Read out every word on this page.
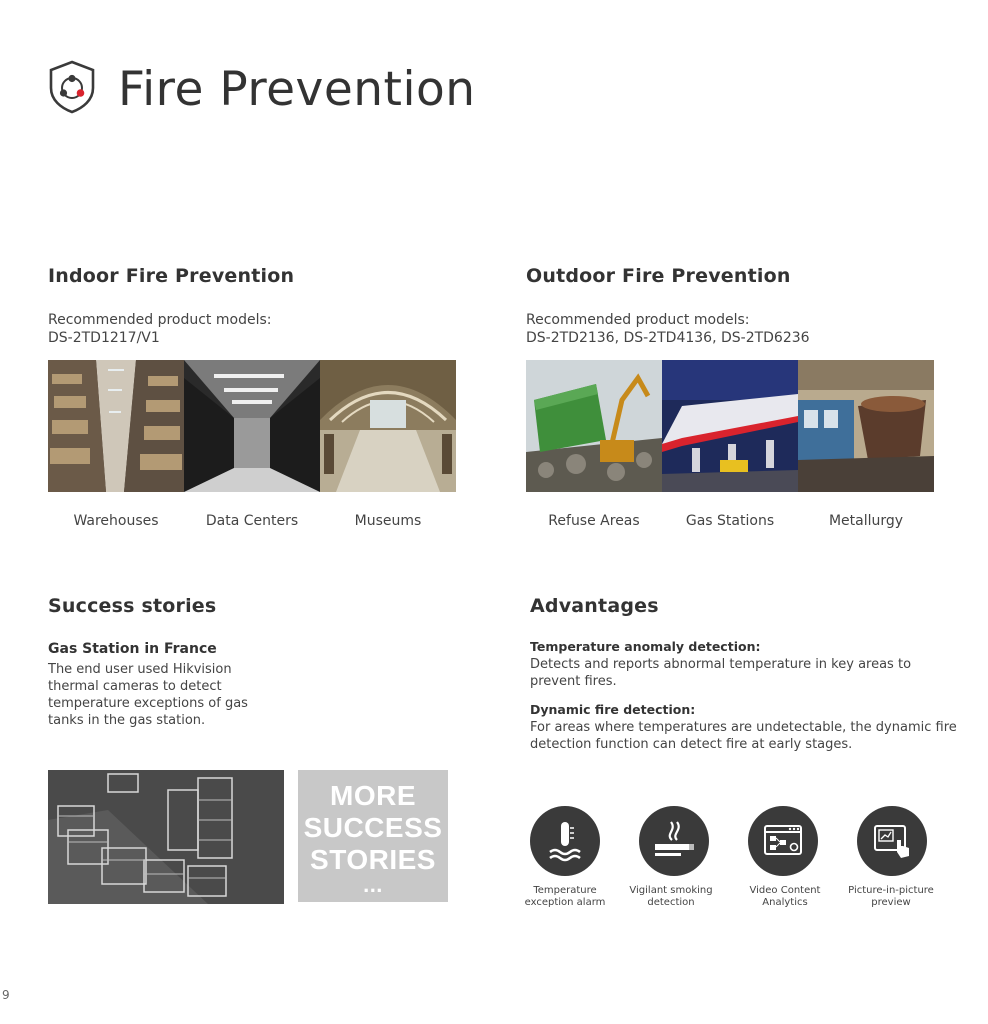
Fire Prevention
Indoor Fire Prevention
Recommended product models:
DS-2TD1217/V1
Warehouses	Data Centers	Museums
Outdoor Fire Prevention
Recommended product models:
DS-2TD2136, DS-2TD4136, DS-2TD6236
Refuse Areas	Gas Stations	Metallurgy
Success stories
Gas Station in France
The end user used Hikvision
thermal cameras to detect
temperature exceptions of gas
tanks in the gas station.
MORE
SUCCESS
STORIES
...
Advantages
Temperature anomaly detection:
Detects and reports abnormal temperature in key areas to
prevent fires.
Dynamic fire detection:
For areas where temperatures are undetectable, the dynamic fire
detection function can detect fire at early stages.
Temperature
exception alarm
Vigilant smoking
detection
Video Content
Analytics
Picture-in-picture
preview
9
